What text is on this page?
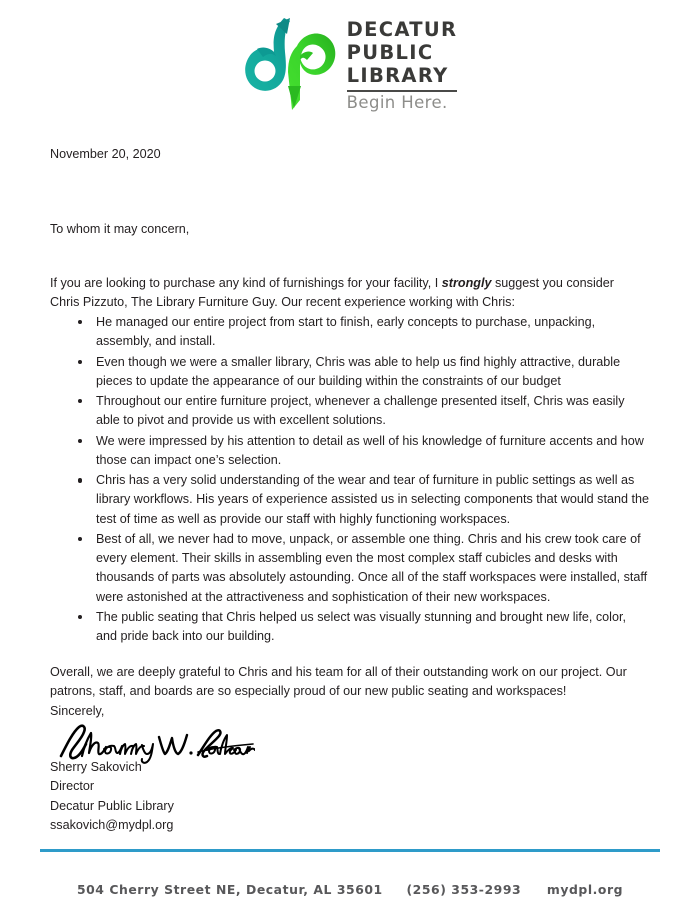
DECATUR
PUBLIC
LIBRARY
Begin Here.
November 20, 2020
To whom it may concern,

If you are looking to purchase any kind of furnishings for your facility, I strongly suggest you consider Chris Pizzuto, The Library Furniture Guy. Our recent experience working with Chris:

He managed our entire project from start to finish, early concepts to purchase, unpacking, assembly, and install.
Even though we were a smaller library, Chris was able to help us find highly attractive, durable pieces to update the appearance of our building within the constraints of our budget
Throughout our entire furniture project, whenever a challenge presented itself, Chris was easily able to pivot and provide us with excellent solutions.
We were impressed by his attention to detail as well of his knowledge of furniture accents and how those can impact one’s selection.
Chris has a very solid understanding of the wear and tear of furniture in public settings as well as library workflows. His years of experience assisted us in selecting components that would stand the test of time as well as provide our staff with highly functioning workspaces.
Best of all, we never had to move, unpack, or assemble one thing. Chris and his crew took care of every element. Their skills in assembling even the most complex staff cubicles and desks with thousands of parts was absolutely astounding. Once all of the staff workspaces were installed, staff were astonished at the attractiveness and sophistication of their new workspaces.
The public seating that Chris helped us select was visually stunning and brought new life, color, and pride back into our building.

Overall, we are deeply grateful to Chris and his team for all of their outstanding work on our project. Our patrons, staff, and boards are so especially proud of our new public seating and workspaces!

Sincerely,
Sherry Sakovich
Director
Decatur Public Library
ssakovich@mydpl.org
504 Cherry Street NE, Decatur, AL 35601 (256) 353-2993 mydpl.org
